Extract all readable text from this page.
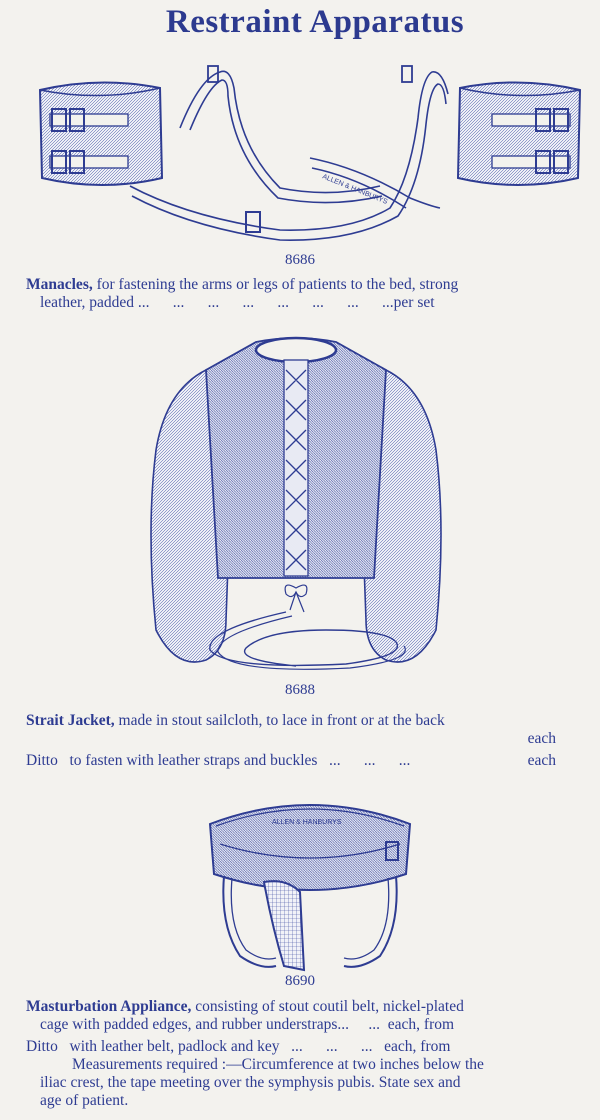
Restraint Apparatus
ALLEN & HANBURYS
8686
Manacles, for fastening the arms or legs of patients to the bed, strong
leather, padded ...      ...      ...      ...      ...      ...      ...      ...per set
8688
Strait Jacket, made in stout sailcloth, to lace in front or at the back
each
Ditto to fasten with leather straps and buckles   ...      ...      ...	each
ALLEN & HANBURYS
8690
Masturbation Appliance, consisting of stout coutil belt, nickel-plated
cage with padded edges, and rubber understraps...     ...  each, from
Ditto with leather belt, padlock and key   ...      ...      ...   each, from
Measurements required :—Circumference at two inches below the
iliac crest, the tape meeting over the symphysis pubis. State sex and
age of patient.
